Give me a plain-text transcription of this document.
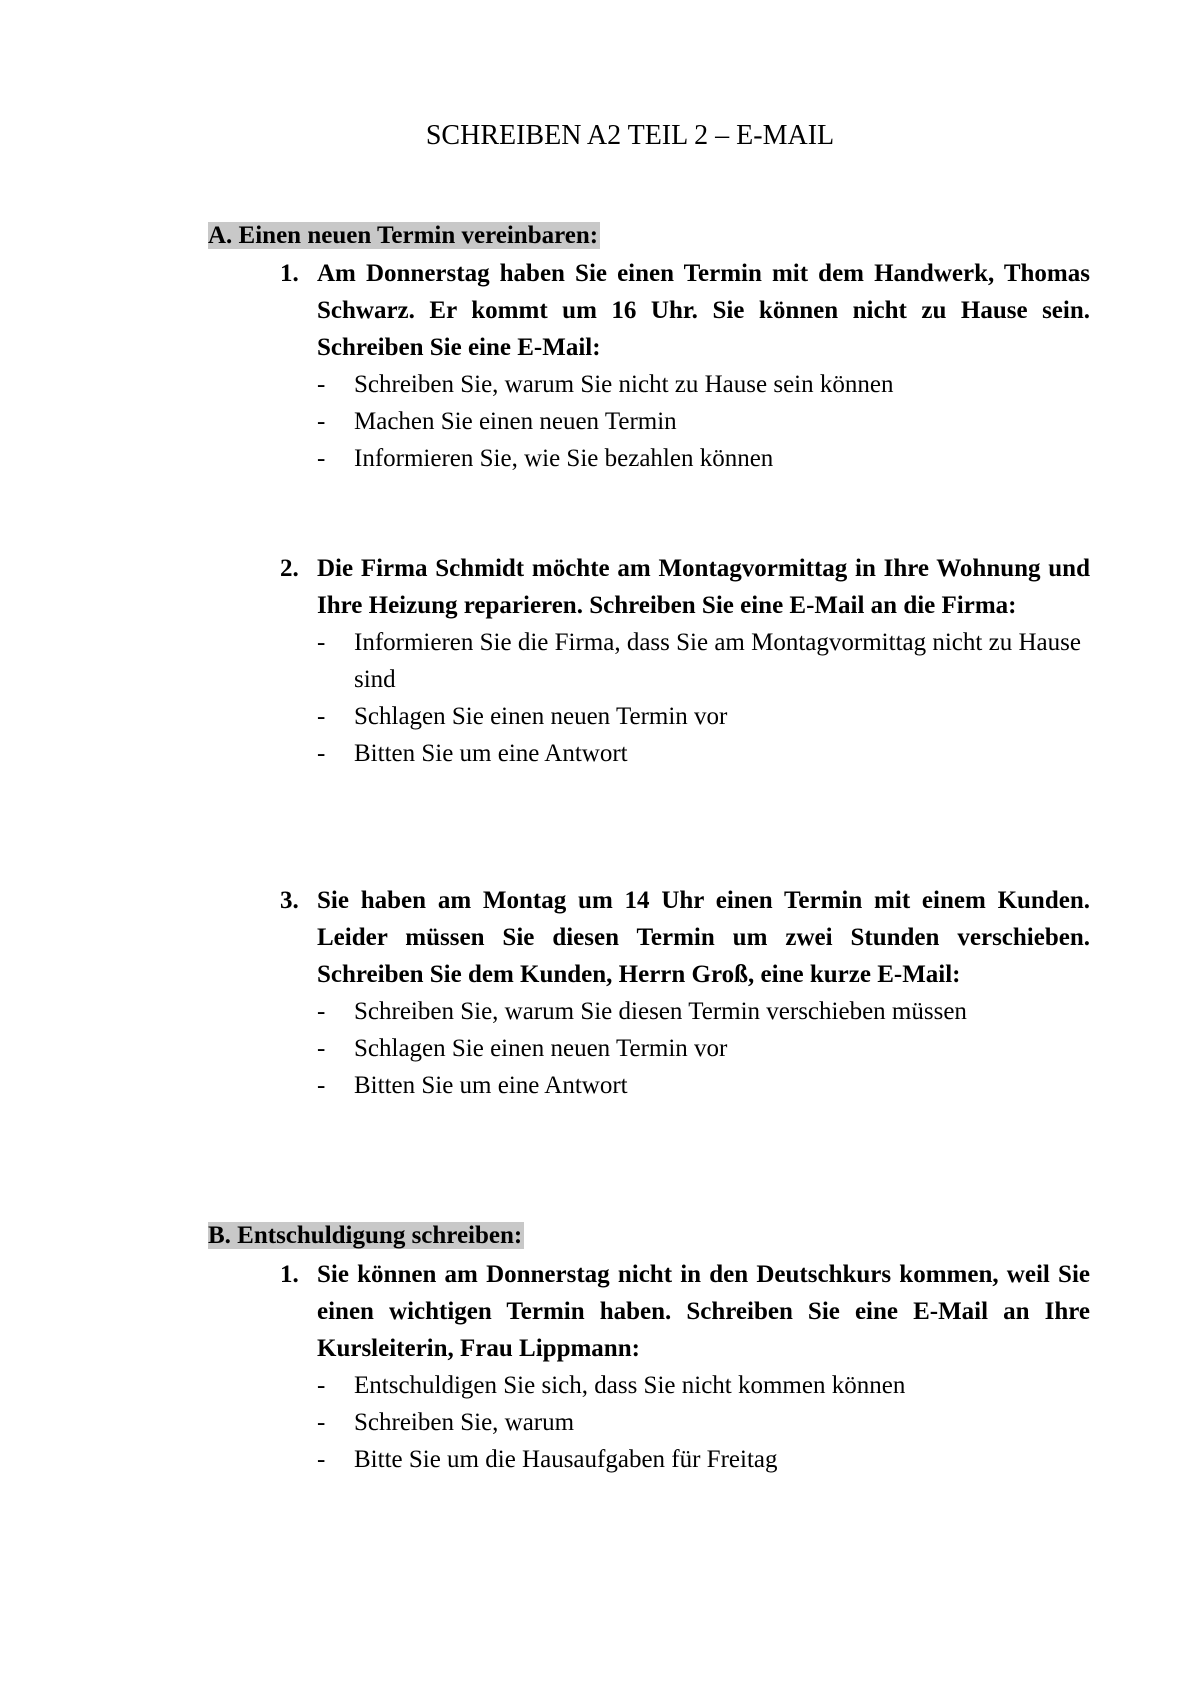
SCHREIBEN A2 TEIL 2 – E-MAIL
A. Einen neuen Termin vereinbaren:
1. Am Donnerstag haben Sie einen Termin mit dem Handwerk, Thomas Schwarz. Er kommt um 16 Uhr. Sie können nicht zu Hause sein. Schreiben Sie eine E-Mail:
- Schreiben Sie, warum Sie nicht zu Hause sein können
- Machen Sie einen neuen Termin
- Informieren Sie, wie Sie bezahlen können
2. Die Firma Schmidt möchte am Montagvormittag in Ihre Wohnung und Ihre Heizung reparieren. Schreiben Sie eine E-Mail an die Firma:
- Informieren Sie die Firma, dass Sie am Montagvormittag nicht zu Hause sind
- Schlagen Sie einen neuen Termin vor
- Bitten Sie um eine Antwort
3. Sie haben am Montag um 14 Uhr einen Termin mit einem Kunden. Leider müssen Sie diesen Termin um zwei Stunden verschieben. Schreiben Sie dem Kunden, Herrn Groß, eine kurze E-Mail:
- Schreiben Sie, warum Sie diesen Termin verschieben müssen
- Schlagen Sie einen neuen Termin vor
- Bitten Sie um eine Antwort
B. Entschuldigung schreiben:
1. Sie können am Donnerstag nicht in den Deutschkurs kommen, weil Sie einen wichtigen Termin haben. Schreiben Sie eine E-Mail an Ihre Kursleiterin, Frau Lippmann:
- Entschuldigen Sie sich, dass Sie nicht kommen können
- Schreiben Sie, warum
- Bitte Sie um die Hausaufgaben für Freitag
